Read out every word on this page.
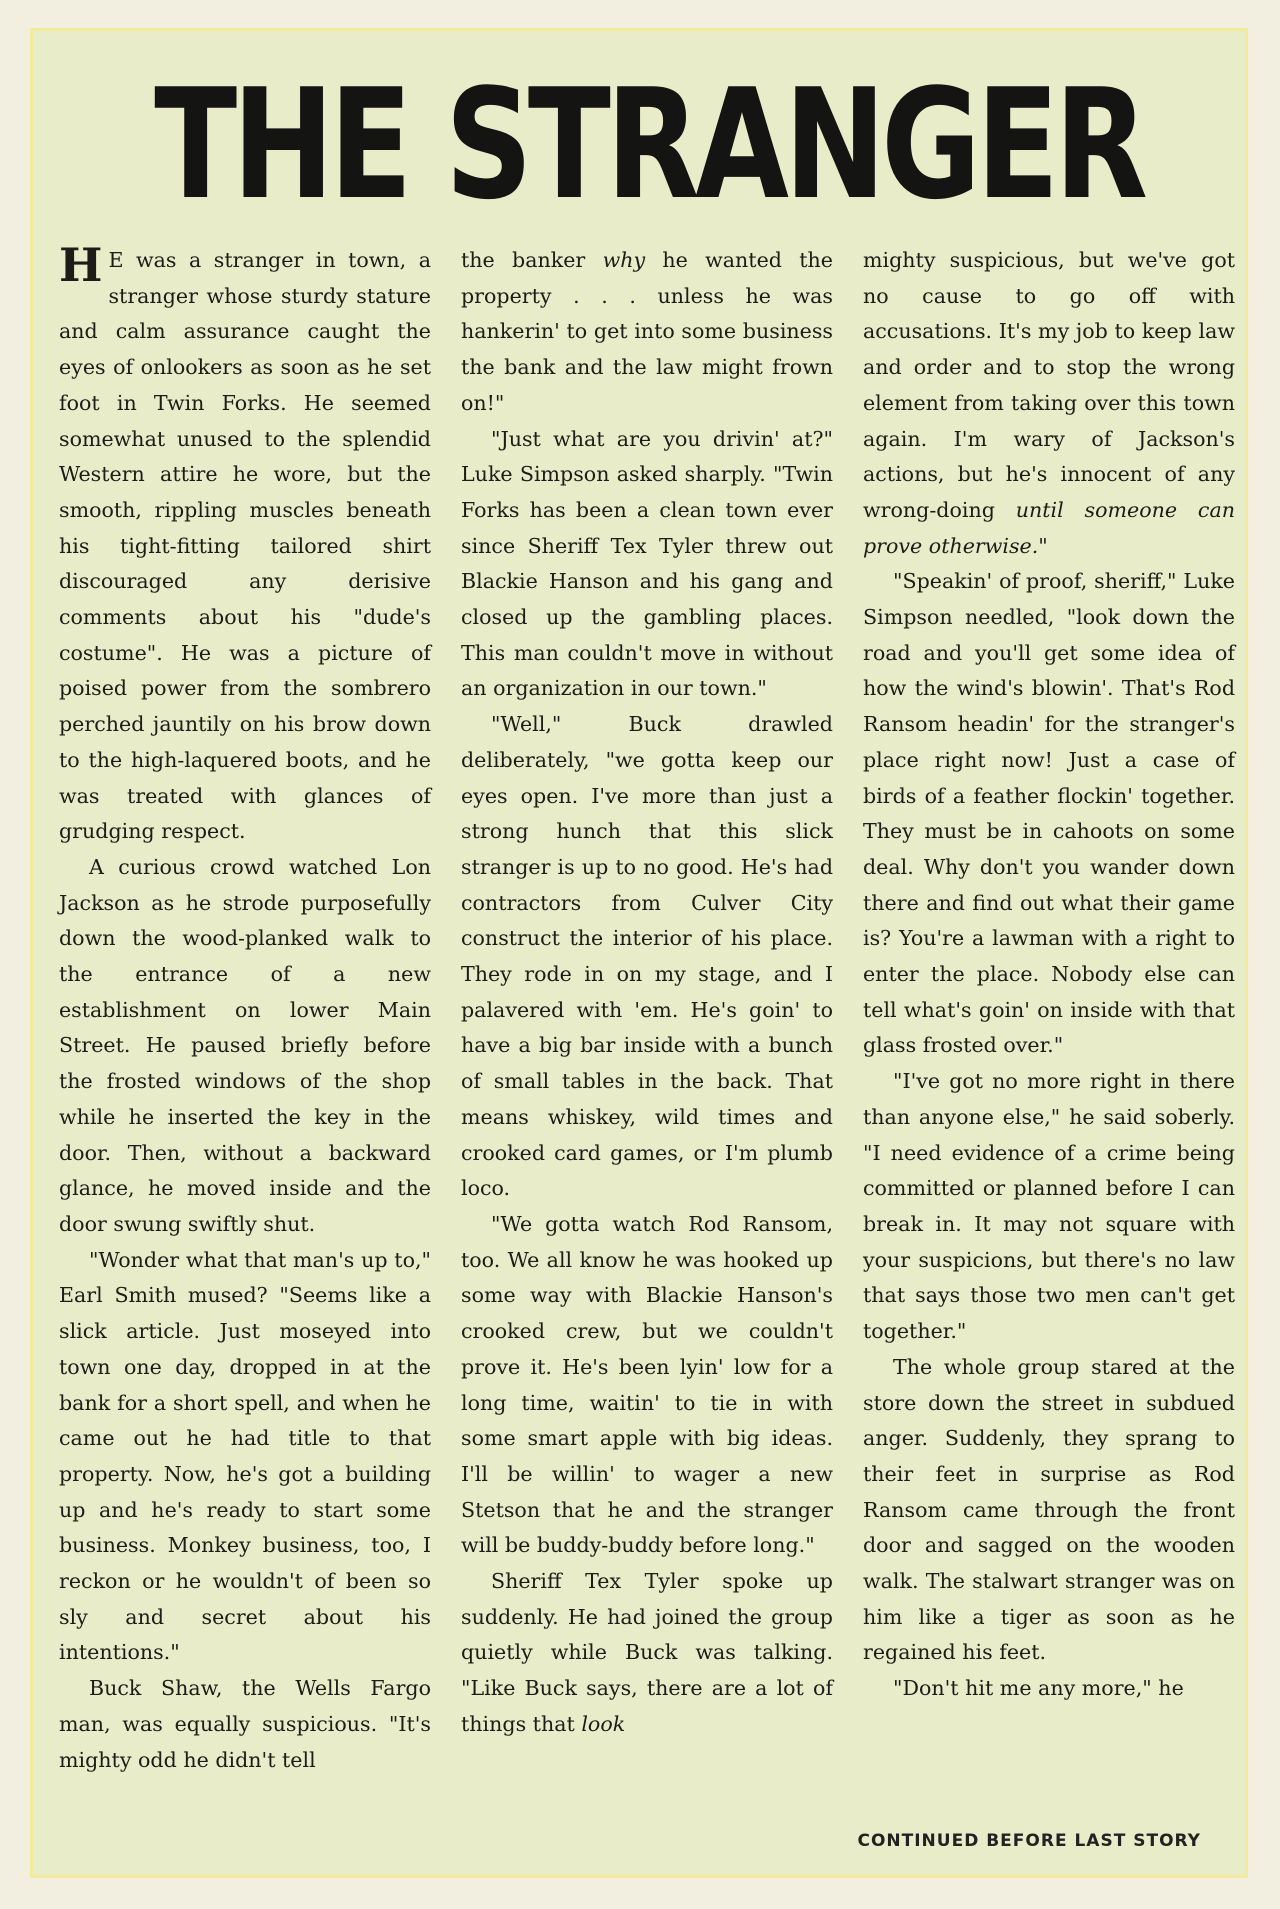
THE STRANGER

H E was a stranger in town, a stranger whose sturdy stature and calm assurance caught the eyes of onlookers as soon as he set foot in Twin Forks. He seemed somewhat unused to the splendid Western attire he wore, but the smooth, rippling muscles beneath his tight-fitting tailored shirt discouraged any derisive comments about his "dude's costume". He was a picture of poised power from the sombrero perched jauntily on his brow down to the high-laquered boots, and he was treated with glances of grudging respect.

A curious crowd watched Lon Jackson as he strode purposefully down the wood-planked walk to the entrance of a new establishment on lower Main Street. He paused briefly before the frosted windows of the shop while he inserted the key in the door. Then, without a backward glance, he moved inside and the door swung swiftly shut.

"Wonder what that man's up to," Earl Smith mused? "Seems like a slick article. Just moseyed into town one day, dropped in at the bank for a short spell, and when he came out he had title to that property. Now, he's got a building up and he's ready to start some business. Monkey business, too, I reckon or he wouldn't of been so sly and secret about his intentions."

Buck Shaw, the Wells Fargo man, was equally suspicious. "It's mighty odd he didn't tell

the banker why he wanted the property . . . unless he was hankerin' to get into some business the bank and the law might frown on!"

"Just what are you drivin' at?" Luke Simpson asked sharply. "Twin Forks has been a clean town ever since Sheriff Tex Tyler threw out Blackie Hanson and his gang and closed up the gambling places. This man couldn't move in without an organization in our town."

"Well," Buck drawled deliberately, "we gotta keep our eyes open. I've more than just a strong hunch that this slick stranger is up to no good. He's had contractors from Culver City construct the interior of his place. They rode in on my stage, and I palavered with 'em. He's goin' to have a big bar inside with a bunch of small tables in the back. That means whiskey, wild times and crooked card games, or I'm plumb loco.

"We gotta watch Rod Ransom, too. We all know he was hooked up some way with Blackie Hanson's crooked crew, but we couldn't prove it. He's been lyin' low for a long time, waitin' to tie in with some smart apple with big ideas. I'll be willin' to wager a new Stetson that he and the stranger will be buddy-buddy before long."

Sheriff Tex Tyler spoke up suddenly. He had joined the group quietly while Buck was talking. "Like Buck says, there are a lot of things that look

mighty suspicious, but we've got no cause to go off with accusations. It's my job to keep law and order and to stop the wrong element from taking over this town again. I'm wary of Jackson's actions, but he's innocent of any wrong-doing until someone can prove otherwise."

"Speakin' of proof, sheriff," Luke Simpson needled, "look down the road and you'll get some idea of how the wind's blowin'. That's Rod Ransom headin' for the stranger's place right now! Just a case of birds of a feather flockin' together. They must be in cahoots on some deal. Why don't you wander down there and find out what their game is? You're a lawman with a right to enter the place. Nobody else can tell what's goin' on inside with that glass frosted over."

"I've got no more right in there than anyone else," he said soberly. "I need evidence of a crime being committed or planned before I can break in. It may not square with your suspicions, but there's no law that says those two men can't get together."

The whole group stared at the store down the street in subdued anger. Suddenly, they sprang to their feet in surprise as Rod Ransom came through the front door and sagged on the wooden walk. The stalwart stranger was on him like a tiger as soon as he regained his feet.

"Don't hit me any more," he

CONTINUED BEFORE LAST STORY
